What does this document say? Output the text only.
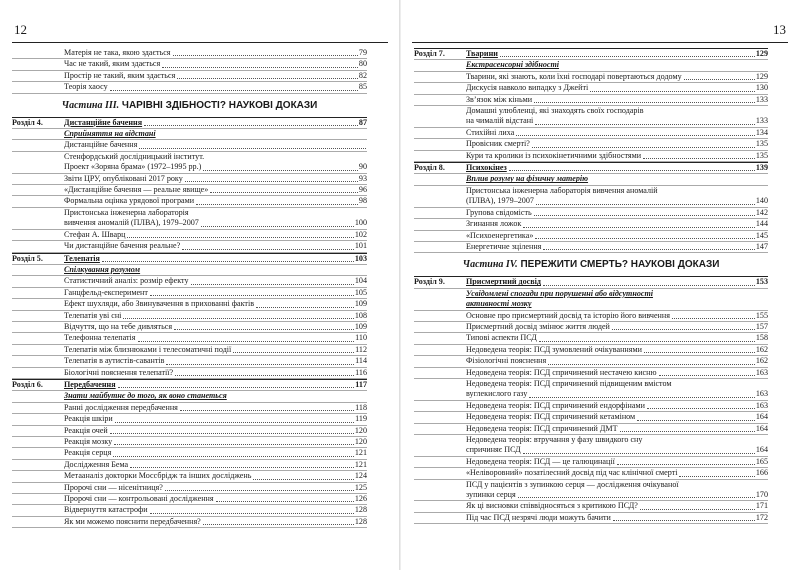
12
Матерія не така, якою здається	79
Час не такий, яким здається	80
Простір не такий, яким здається	82
Теорія хаосу	85
Частина III. ЧАРІВНІ ЗДІБНОСТІ? НАУКОВІ ДОКАЗИ
Розділ 4.	Дистанційне бачення	87
Сприйняття на відстані
Дистанційне бачення
Стенфордський дослідницький інститут.
Проект «Зоряна брама» (1972–1995 рр.)	90
Звіти ЦРУ, опубліковані 2017 року	93
«Дистанційне бачення — реальне явище»	96
Формальна оцінка урядової програми	98
Пристонська інженерна лабораторія
вивчення аномалій (ПЛВА), 1979–2007	100
Стефан А. Шварц	102
Чи дистанційне бачення реальне?	101
Розділ 5.	Телепатія	103
Спілкування розумом
Статистичний аналіз: розмір ефекту	104
Ганцфельд-експеримент	105
Ефект шухляди, або Звинувачення в прихованні фактів	109
Телепатія уві сні	108
Відчуття, що на тебе дивляться	109
Телефонна телепатія	110
Телепатія між близнюками і телесоматичні події	112
Телепатія в аутистів-савантів	114
Біологічні пояснення телепатії?	116
Розділ 6.	Передбачення	117
Знати майбутнє до того, як воно станеться
Ранні дослідження передбачення	118
Реакція шкіри	119
Реакція очей	120
Реакція мозку	120
Реакція серця	121
Дослідження Бема	121
Метааналіз докторки Моссбрідж та інших досліджень	124
Пророчі сни — нісенітниця?	125
Пророчі сни — контрольовані дослідження	126
Відвернуття катастрофи	128
Як ми можемо пояснити передбачення?	128
13
Розділ 7.	Тварини	129
Екстрасенсорні здібності
Тварини, які знають, коли їхні господарі повертаються додому	129
Дискусія навколо випадку з Джейті	130
Зв’язок між кіньми	133
Домашні улюбленці, які знаходять своїх господарів
на чималій відстані	133
Стихійні лиха	134
Провісник смерті?	135
Кури та кролики із психокінетичними здібностями	135
Розділ 8.	Психокінез	139
Вплив розуму на фізичну матерію
Пристонська інженерна лабораторія вивчення аномалій
(ПЛВА), 1979–2007	140
Групова свідомість	142
Згинання ложок	144
«Психоенергетика»	145
Енергетичне зцілення	147
Частина IV. ПЕРЕЖИТИ СМЕРТЬ? НАУКОВІ ДОКАЗИ
Розділ 9.	Присмертний досвід	153
Усвідомлені спогади при порушенні або відсутності
активності мозку
Основне про присмертний досвід та історію його вивчення	155
Присмертний досвід змінює життя людей	157
Типові аспекти ПСД	158
Недоведена теорія: ПСД зумовлений очікуваннями	162
Фізіологічні пояснення	162
Недоведена теорія: ПСД спричинений нестачею кисню	163
Недоведена теорія: ПСД спричинений підвищеним вмістом
вуглекислого газу	163
Недоведена теорія: ПСД спричинений ендорфінами	163
Недоведена теорія: ПСД спричинений кетаміном	164
Недоведена теорія: ПСД спричинений ДМТ	164
Недоведена теорія: втручання у фазу швидкого сну
спричиняє ПСД	164
Недоведена теорія: ПСД — це галюцинації	165
«Неліворовний» позатілесний досвід під час клінічної смерті	166
ПСД у пацієнтів з зупинкою серця — дослідження очікуваної
зупинки серця	170
Як ці висновки співвідносяться з критикою ПСД?	171
Під час ПСД незрячі люди можуть бачити	172
